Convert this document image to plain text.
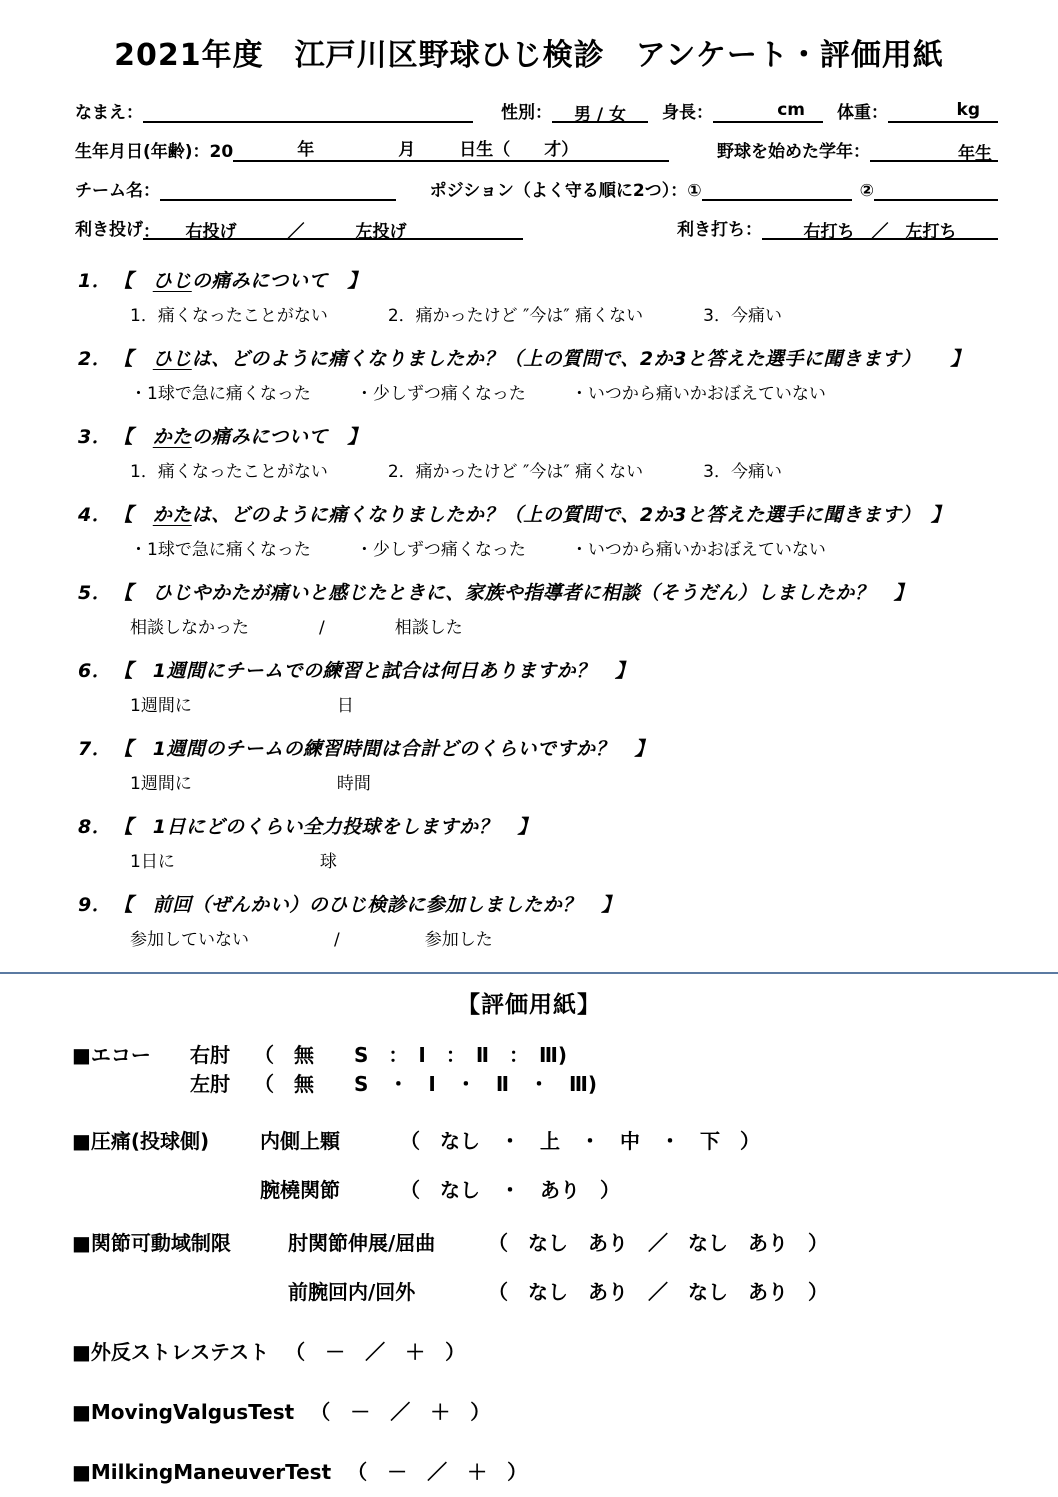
2021年度　江戸川区野球ひじ検診　アンケート・評価用紙
なまえ：	性別：	男 / 女	身長：	cm	体重：	kg
生年月日(年齢)：20	年	月	日生（　　才）	野球を始めた学年：	年生
チーム名：	ポジション（よく守る順に2つ）：①	②
利き投げ ：　　右投げ　　　／　　　左投げ	利き打ち：	右打ち　／　左打ち
1． 【　ひじの痛みについて　】
1．痛くなったことがない	2．痛かったけど ″今は″ 痛くない	3．今痛い
2． 【　ひじは、どのように痛くなりましたか？（上の質問で、2か3と答えた選手に聞きます）　　】
・1球で急に痛くなった	・少しずつ痛くなった	・いつから痛いかおぼえていない
3． 【　かたの痛みについて　】
1．痛くなったことがない	2．痛かったけど ″今は″ 痛くない	3．今痛い
4． 【　かたは、どのように痛くなりましたか？（上の質問で、2か3と答えた選手に聞きます）　】
・1球で急に痛くなった	・少しずつ痛くなった	・いつから痛いかおぼえていない
5． 【　ひじやかたが痛いと感じたときに、家族や指導者に相談（そうだん）しましたか？　】
相談しなかった	/	相談した
6． 【　1週間にチームでの練習と試合は何日ありますか？　】
1週間に	日
7． 【　1週間のチームの練習時間は合計どのくらいですか？　】
1週間に	時間
8． 【　1日にどのくらい全力投球をしますか？　】
1日に	球
9． 【　前回（ぜんかい）のひじ検診に参加しましたか？　】
参加していない	/	参加した
【評価用紙】
■エコー	右肘	（　無　　S　：　Ⅰ　：　Ⅱ　：　Ⅲ)
左肘	（　無　　S　・　Ⅰ　・　Ⅱ　・　Ⅲ)
■圧痛(投球側)	内側上顆	（　なし　・　上　・　中　・　下　）
腕橈関節	（　なし　・　あり　）
■関節可動域制限	肘関節伸展/屈曲	（　なし　あり　／　なし　あり　）
前腕回内/回外	（　なし　あり　／　なし　あり　）
■外反ストレステスト （　－　／　＋　）
■MovingValgusTest （　－　／　＋　）
■MilkingManeuverTest （　－　／　＋　）
